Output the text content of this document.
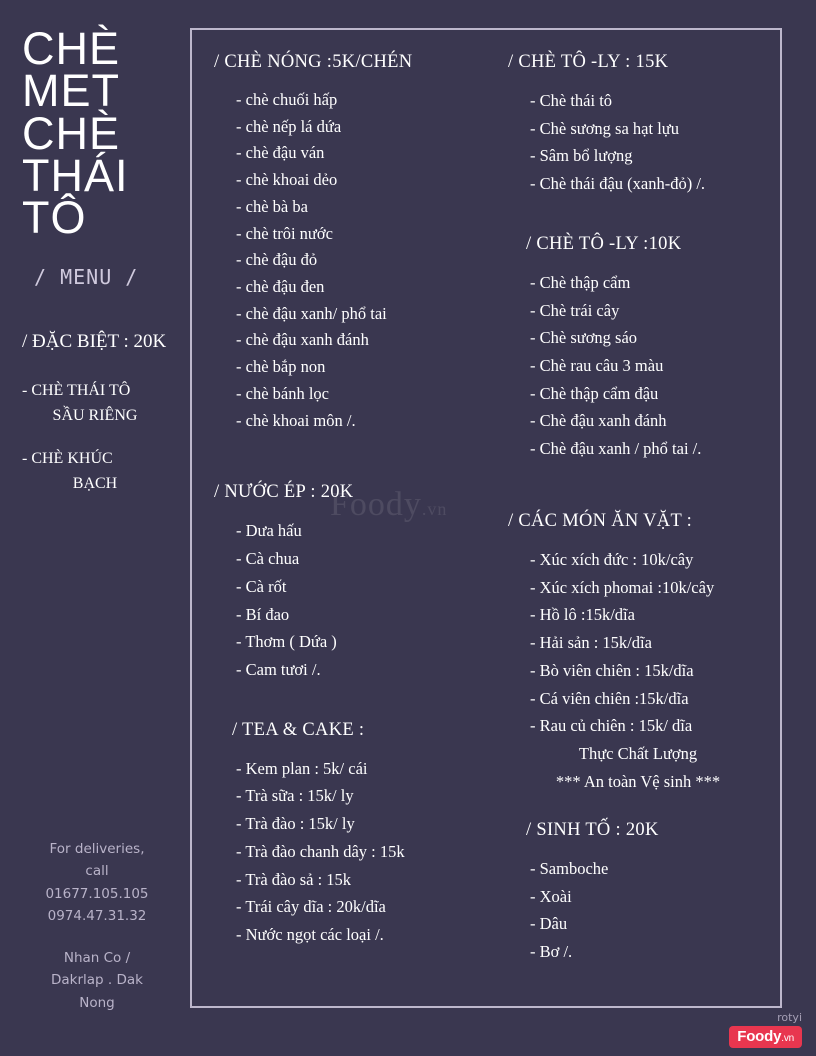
CHÈ
MET
CHÈ
THÁI
TÔ
/ MENU /
/ ĐẶC BIỆT : 20K
- CHÈ THÁI TÔ
SẦU RIÊNG
- CHÈ KHÚC
BẠCH
For deliveries,
call
01677.105.105
0974.47.31.32
Nhan Co /
Dakrlap . Dak
Nong
/ CHÈ NÓNG :5K/CHÉN
- chè chuối hấp
- chè nếp lá dứa
- chè đậu ván
- chè khoai dẻo
- chè bà ba
- chè trôi nước
- chè đậu đỏ
- chè đậu đen
- chè đậu xanh/ phổ tai
- chè đậu xanh đánh
- chè bắp non
- chè bánh lọc
- chè khoai môn /.
/ NƯỚC ÉP : 20K
- Dưa hấu
- Cà chua
- Cà rốt
- Bí đao
- Thơm ( Dứa )
- Cam tươi /.
/ TEA & CAKE :
- Kem plan : 5k/ cái
- Trà sữa : 15k/ ly
- Trà đào : 15k/ ly
- Trà đào chanh dây : 15k
- Trà đào sả : 15k
- Trái cây dĩa : 20k/dĩa
- Nước ngọt các loại /.
/ CHÈ TÔ -LY : 15K
- Chè thái tô
- Chè sương sa hạt lựu
- Sâm bổ lượng
- Chè thái đậu (xanh-đỏ) /.
/ CHÈ TÔ -LY :10K
- Chè thập cẩm
- Chè trái cây
- Chè sương sáo
- Chè rau câu 3 màu
- Chè thập cẩm đậu
- Chè đậu xanh đánh
- Chè đậu xanh / phổ tai /.
/ CÁC MÓN ĂN VẶT :
- Xúc xích đức : 10k/cây
- Xúc xích phomai :10k/cây
- Hồ lô :15k/dĩa
- Hải sản : 15k/dĩa
- Bò viên chiên : 15k/dĩa
- Cá viên chiên :15k/dĩa
- Rau củ chiên : 15k/ dĩa
Thực Chất Lượng
*** An toàn Vệ sinh ***
/ SINH TỐ : 20K
- Samboche
- Xoài
- Dâu
- Bơ /.
Foody.vn
rotyi
Foody.vn
